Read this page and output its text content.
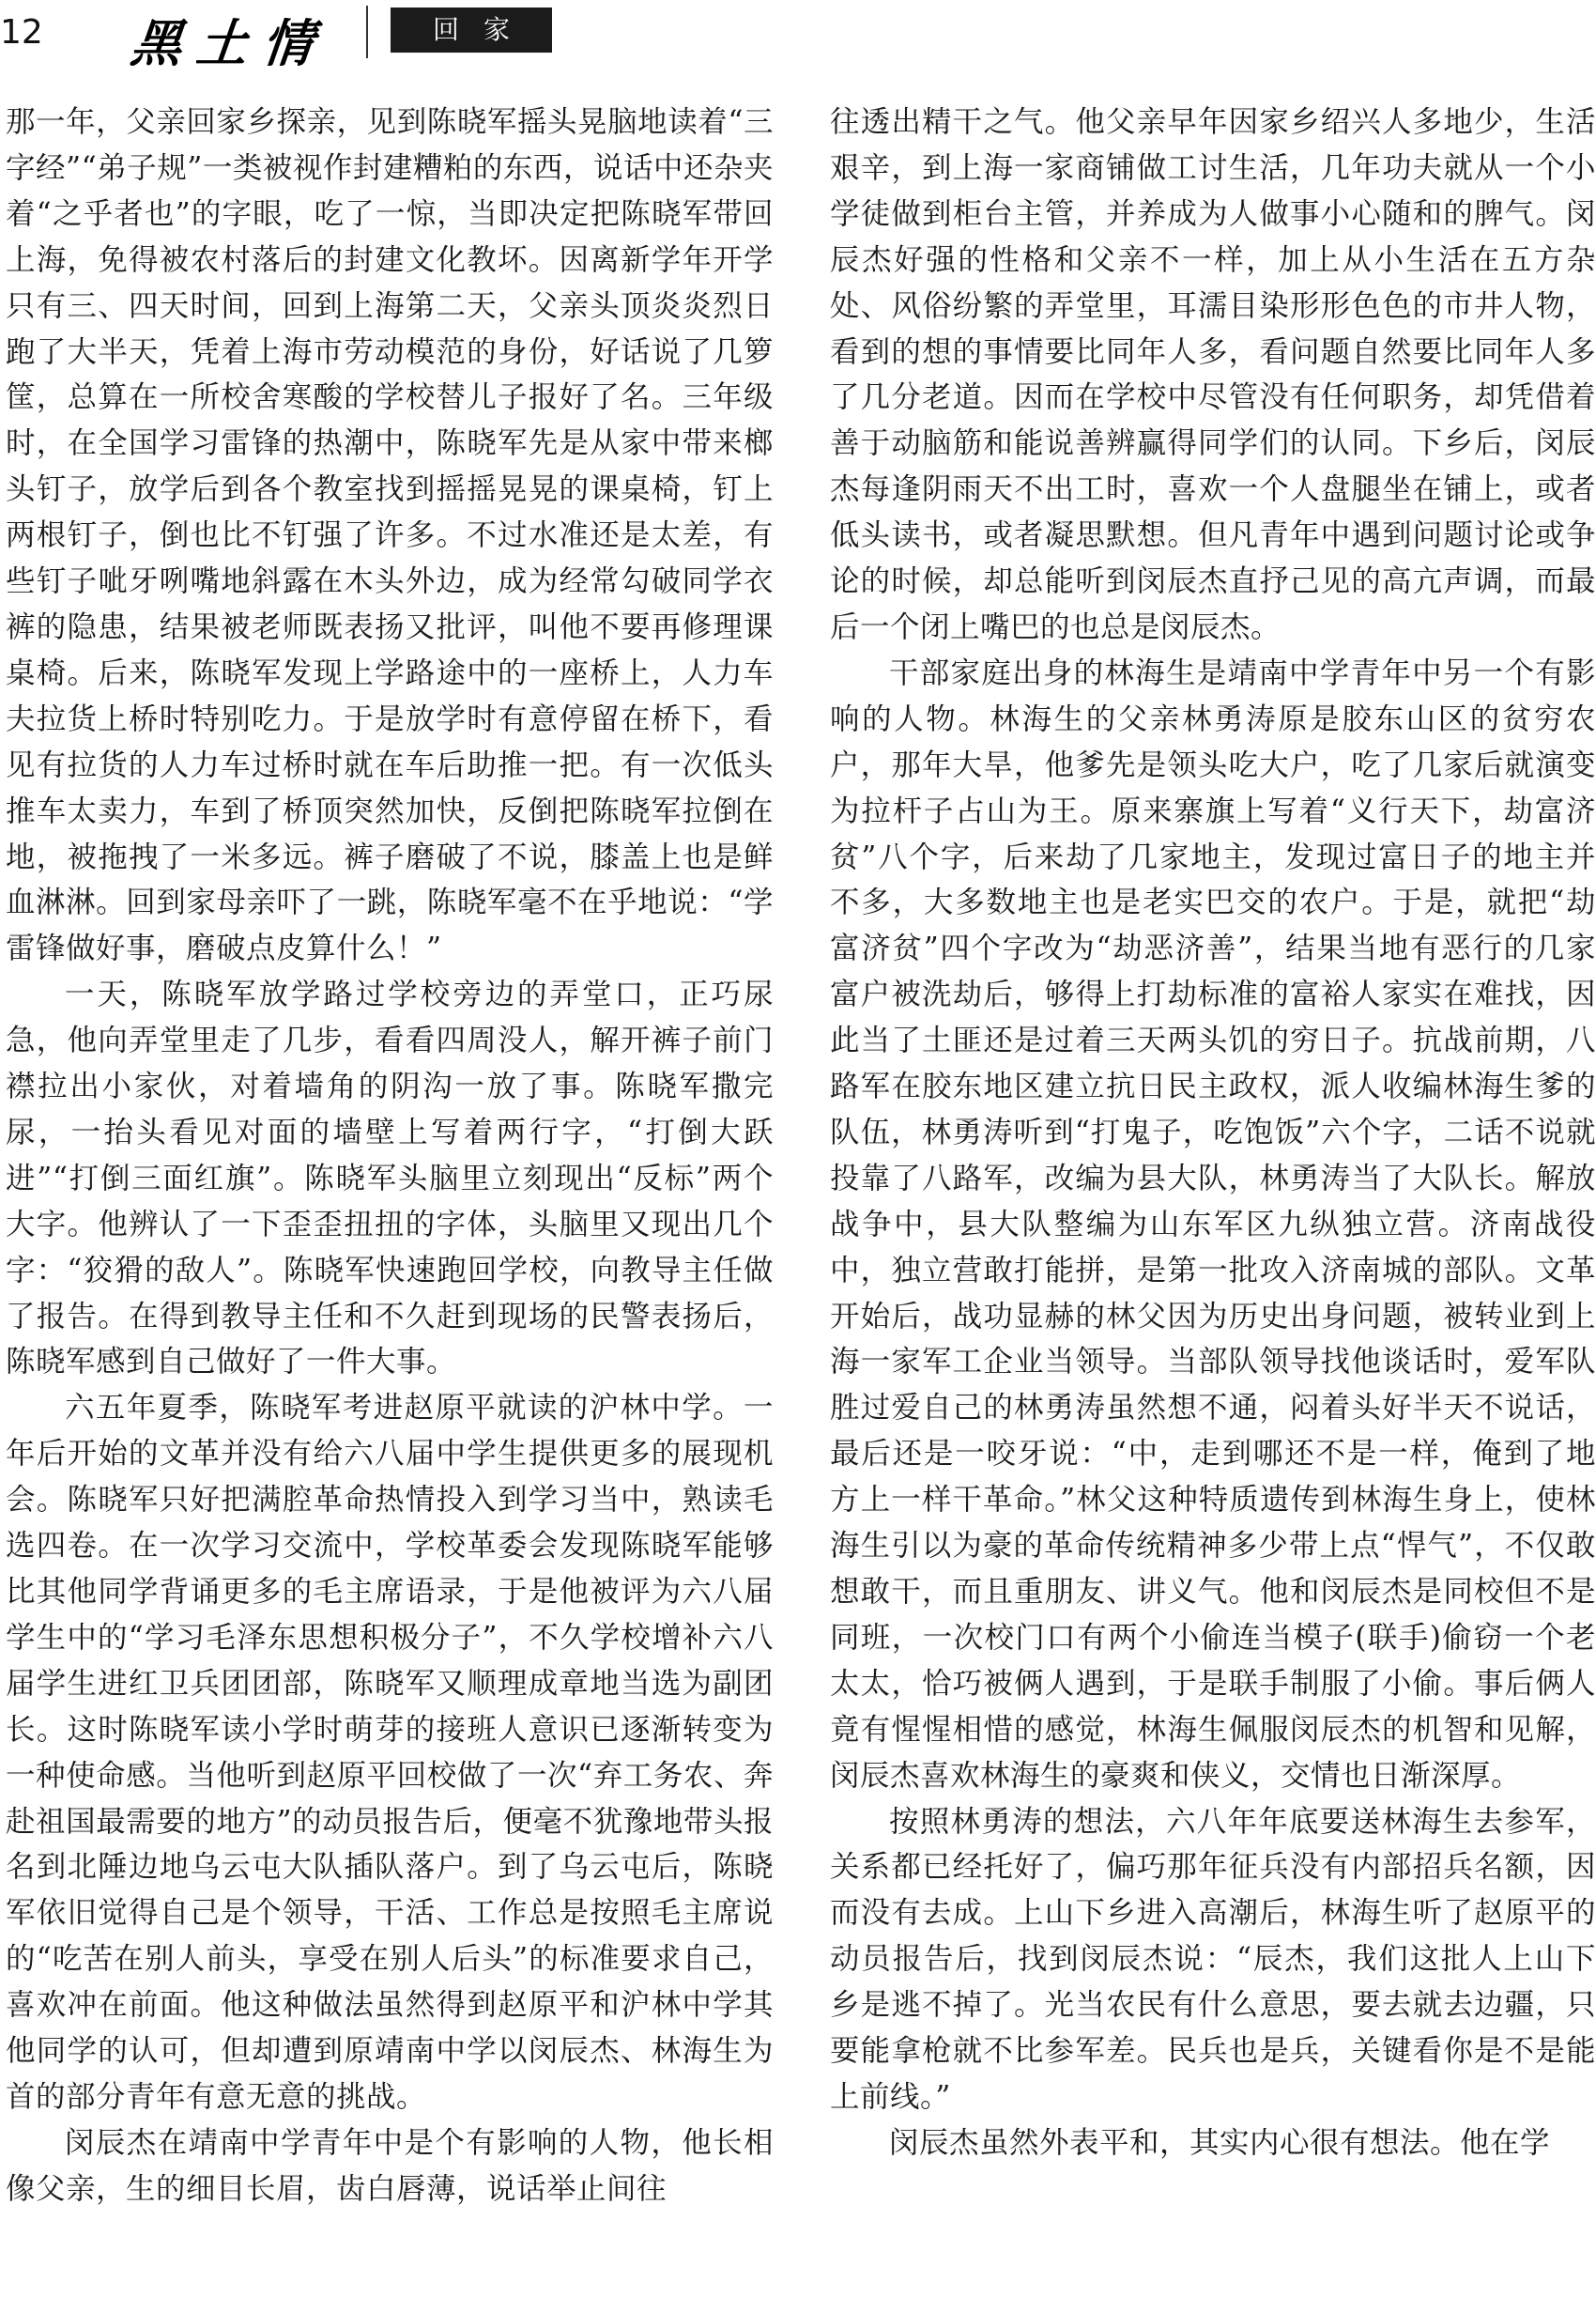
12 黑土情	回家

那一年，父亲回家乡探亲，见到陈晓军摇头晃脑地读着“三字经”“弟子规”一类被视作封建糟粕的东西，说话中还杂夹着“之乎者也”的字眼，吃了一惊，当即决定把陈晓军带回上海，免得被农村落后的封建文化教坏。因离新学年开学只有三、四天时间，回到上海第二天，父亲头顶炎炎烈日跑了大半天，凭着上海市劳动模范的身份，好话说了几箩筐，总算在一所校舍寒酸的学校替儿子报好了名。三年级时，在全国学习雷锋的热潮中，陈晓军先是从家中带来榔头钉子，放学后到各个教室找到摇摇晃晃的课桌椅，钉上两根钉子，倒也比不钉强了许多。不过水准还是太差，有些钉子呲牙咧嘴地斜露在木头外边，成为经常勾破同学衣裤的隐患，结果被老师既表扬又批评，叫他不要再修理课桌椅。后来，陈晓军发现上学路途中的一座桥上，人力车夫拉货上桥时特别吃力。于是放学时有意停留在桥下，看见有拉货的人力车过桥时就在车后助推一把。有一次低头推车太卖力，车到了桥顶突然加快，反倒把陈晓军拉倒在地，被拖拽了一米多远。裤子磨破了不说，膝盖上也是鲜血淋淋。回到家母亲吓了一跳，陈晓军毫不在乎地说：“学雷锋做好事，磨破点皮算什么！”

一天，陈晓军放学路过学校旁边的弄堂口，正巧尿急，他向弄堂里走了几步，看看四周没人，解开裤子前门襟拉出小家伙，对着墙角的阴沟一放了事。陈晓军撒完尿，一抬头看见对面的墙壁上写着两行字，“打倒大跃进”“打倒三面红旗”。陈晓军头脑里立刻现出“反标”两个大字。他辨认了一下歪歪扭扭的字体，头脑里又现出几个字：“狡猾的敌人”。陈晓军快速跑回学校，向教导主任做了报告。在得到教导主任和不久赶到现场的民警表扬后，陈晓军感到自己做好了一件大事。

六五年夏季，陈晓军考进赵原平就读的沪林中学。一年后开始的文革并没有给六八届中学生提供更多的展现机会。陈晓军只好把满腔革命热情投入到学习当中，熟读毛选四卷。在一次学习交流中，学校革委会发现陈晓军能够比其他同学背诵更多的毛主席语录，于是他被评为六八届学生中的“学习毛泽东思想积极分子”，不久学校增补六八届学生进红卫兵团团部，陈晓军又顺理成章地当选为副团长。这时陈晓军读小学时萌芽的接班人意识已逐渐转变为一种使命感。当他听到赵原平回校做了一次“弃工务农、奔赴祖国最需要的地方”的动员报告后，便毫不犹豫地带头报名到北陲边地乌云屯大队插队落户。到了乌云屯后，陈晓军依旧觉得自己是个领导，干活、工作总是按照毛主席说的“吃苦在别人前头，享受在别人后头”的标准要求自己，喜欢冲在前面。他这种做法虽然得到赵原平和沪林中学其他同学的认可，但却遭到原靖南中学以闵辰杰、林海生为首的部分青年有意无意的挑战。

闵辰杰在靖南中学青年中是个有影响的人物，他长相像父亲，生的细目长眉，齿白唇薄，说话举止间往

往透出精干之气。他父亲早年因家乡绍兴人多地少，生活艰辛，到上海一家商铺做工讨生活，几年功夫就从一个小学徒做到柜台主管，并养成为人做事小心随和的脾气。闵辰杰好强的性格和父亲不一样，加上从小生活在五方杂处、风俗纷繁的弄堂里，耳濡目染形形色色的市井人物，看到的想的事情要比同年人多，看问题自然要比同年人多了几分老道。因而在学校中尽管没有任何职务，却凭借着善于动脑筋和能说善辨赢得同学们的认同。下乡后，闵辰杰每逢阴雨天不出工时，喜欢一个人盘腿坐在铺上，或者低头读书，或者凝思默想。但凡青年中遇到问题讨论或争论的时候，却总能听到闵辰杰直抒己见的高亢声调，而最后一个闭上嘴巴的也总是闵辰杰。

干部家庭出身的林海生是靖南中学青年中另一个有影响的人物。林海生的父亲林勇涛原是胶东山区的贫穷农户，那年大旱，他爹先是领头吃大户，吃了几家后就演变为拉杆子占山为王。原来寨旗上写着“义行天下，劫富济贫”八个字，后来劫了几家地主，发现过富日子的地主并不多，大多数地主也是老实巴交的农户。于是，就把“劫富济贫”四个字改为“劫恶济善”，结果当地有恶行的几家富户被洗劫后，够得上打劫标准的富裕人家实在难找，因此当了土匪还是过着三天两头饥的穷日子。抗战前期，八路军在胶东地区建立抗日民主政权，派人收编林海生爹的队伍，林勇涛听到“打鬼子，吃饱饭”六个字，二话不说就投靠了八路军，改编为县大队，林勇涛当了大队长。解放战争中，县大队整编为山东军区九纵独立营。济南战役中，独立营敢打能拼，是第一批攻入济南城的部队。文革开始后，战功显赫的林父因为历史出身问题，被转业到上海一家军工企业当领导。当部队领导找他谈话时，爱军队胜过爱自己的林勇涛虽然想不通，闷着头好半天不说话，最后还是一咬牙说：“中，走到哪还不是一样，俺到了地方上一样干革命。”林父这种特质遗传到林海生身上，使林海生引以为豪的革命传统精神多少带上点“悍气”，不仅敢想敢干，而且重朋友、讲义气。他和闵辰杰是同校但不是同班，一次校门口有两个小偷连当模子(联手)偷窃一个老太太，恰巧被俩人遇到，于是联手制服了小偷。事后俩人竟有惺惺相惜的感觉，林海生佩服闵辰杰的机智和见解，闵辰杰喜欢林海生的豪爽和侠义，交情也日渐深厚。

按照林勇涛的想法，六八年年底要送林海生去参军，关系都已经托好了，偏巧那年征兵没有内部招兵名额，因而没有去成。上山下乡进入高潮后，林海生听了赵原平的动员报告后，找到闵辰杰说：“辰杰，我们这批人上山下乡是逃不掉了。光当农民有什么意思，要去就去边疆，只要能拿枪就不比参军差。民兵也是兵，关键看你是不是能上前线。”

闵辰杰虽然外表平和，其实内心很有想法。他在学
